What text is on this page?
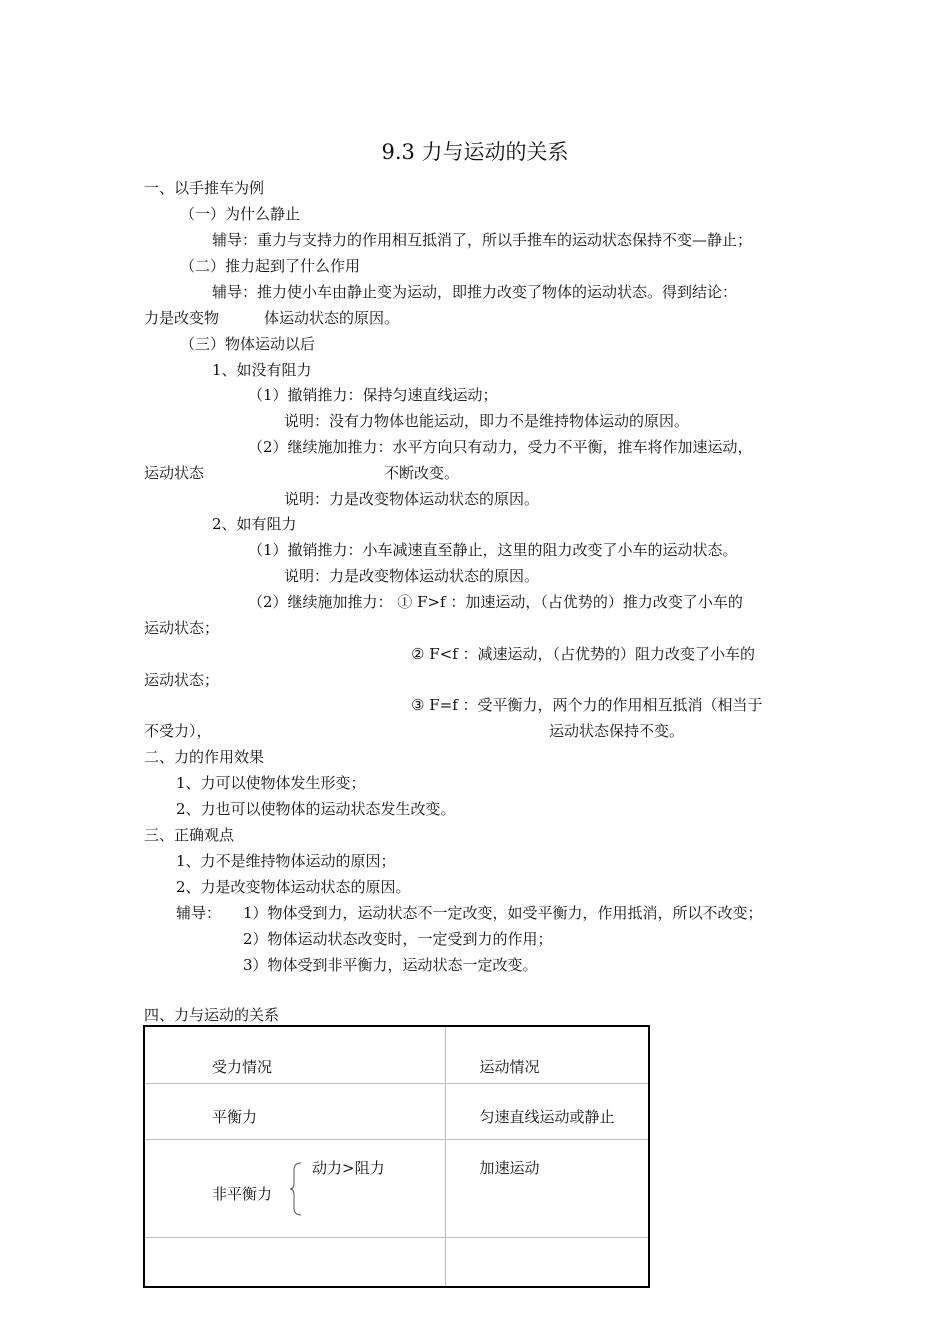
9.3 力与运动的关系
一、以手推车为例
（一）为什么静止
辅导：重力与支持力的作用相互抵消了，所以手推车的运动状态保持不变—静止；
（二）推力起到了什么作用
辅导：推力使小车由静止变为运动，即推力改变了物体的运动状态。得到结论：
力是改变物	体运动状态的原因。
（三）物体运动以后
1、如没有阻力
（1）撤销推力：保持匀速直线运动；
说明：没有力物体也能运动，即力不是维持物体运动的原因。
（2）继续施加推力：水平方向只有动力，受力不平衡，推车将作加速运动，
运动状态	不断改变。
说明：力是改变物体运动状态的原因。
2、如有阻力
（1）撤销推力：小车减速直至静止，这里的阻力改变了小车的运动状态。
说明：力是改变物体运动状态的原因。
（2）继续施加推力： ① F>f ：加速运动，（占优势的）推力改变了小车的
运动状态；
② F<f ：减速运动，（占优势的）阻力改变了小车的
运动状态；
③ F=f ：受平衡力，两个力的作用相互抵消（相当于
不受力），	运动状态保持不变。
二、力的作用效果
1、力可以使物体发生形变；
2、力也可以使物体的运动状态发生改变。
三、正确观点
1、力不是维持物体运动的原因；
2、力是改变物体运动状态的原因。
辅导： 1）物体受到力，运动状态不一定改变，如受平衡力，作用抵消，所以不改变；
2）物体运动状态改变时，一定受到力的作用；
3）物体受到非平衡力，运动状态一定改变。
四、力与运动的关系
受力情况	运动情况

平衡力	匀速直线运动或静止

非平衡力
动力>阻力	加速运动
